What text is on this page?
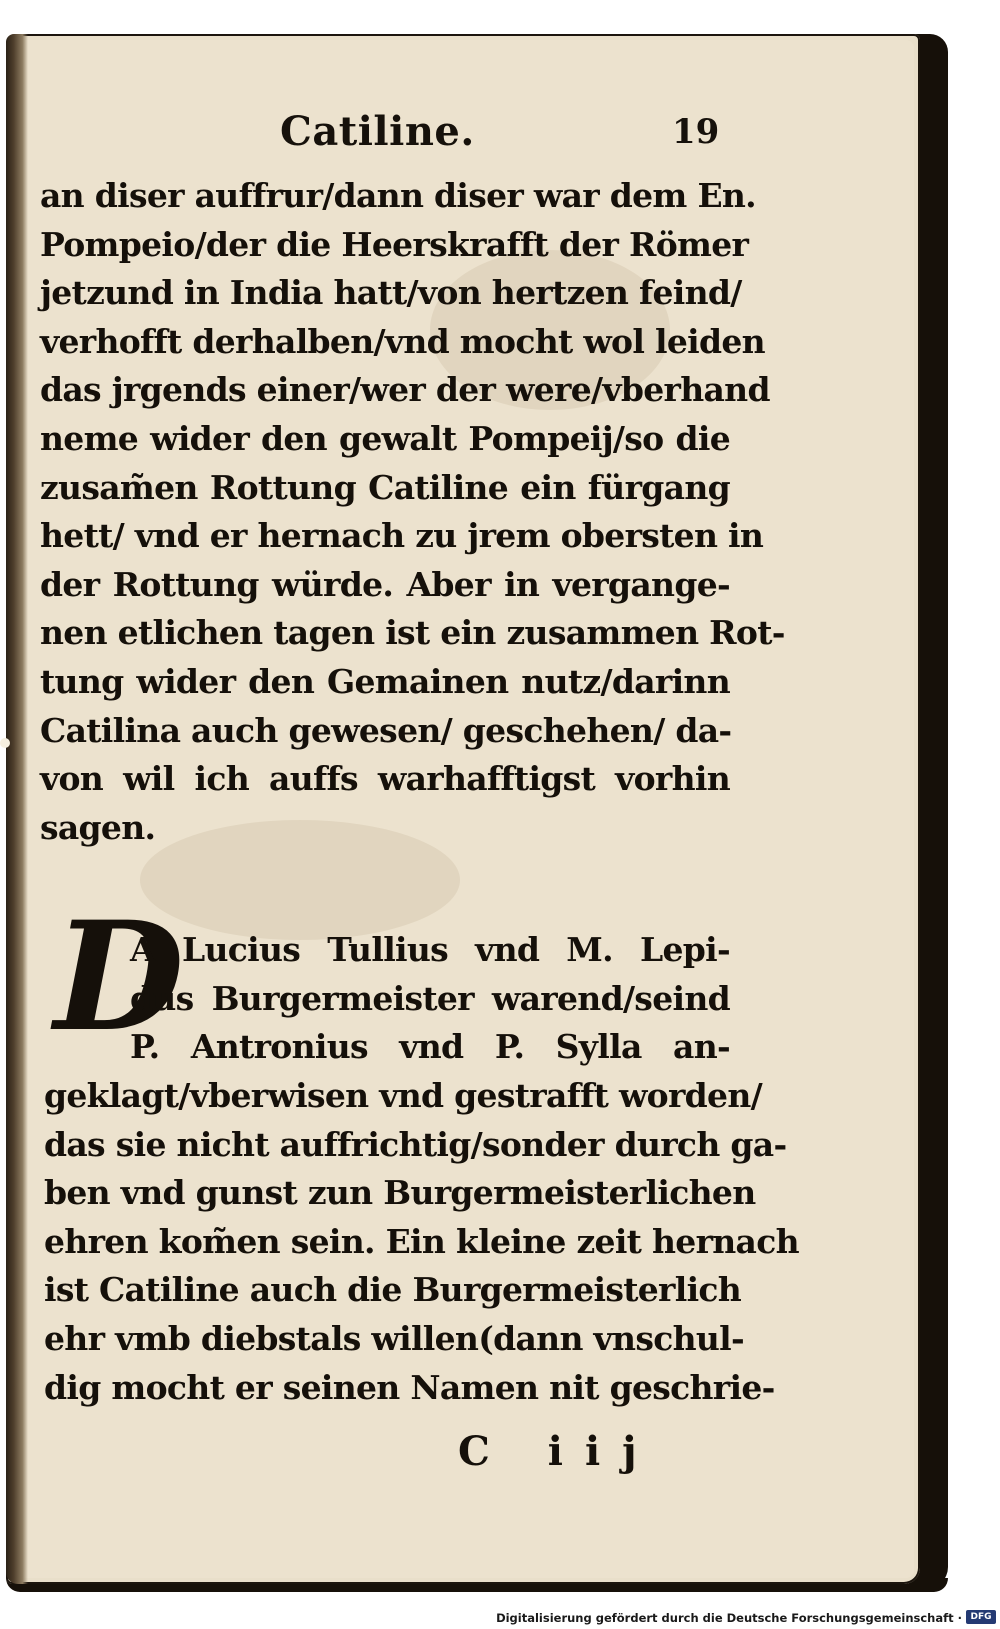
Catiline.	19
an diser auffrur/dann diser war dem En.
Pompeio/der die Heerskrafft der Römer
jetzund in India hatt/von hertzen feind/
verhofft derhalben/vnd mocht wol leiden
das jrgends einer/wer der were/vberhand
neme wider den gewalt Pompeij/so die
zusam̃en Rottung Catiline ein fürgang
hett/ vnd er hernach zu jrem obersten in
der Rottung würde. Aber in vergange-
nen etlichen tagen ist ein zusammen Rot-
tung wider den Gemainen nutz/darinn
Catilina auch gewesen/ geschehen/ da-
von wil ich auffs warhafftigst vorhin
sagen.
D
A Lucius Tullius vnd M. Lepi-
dus Burgermeister warend/seind
P. Antronius vnd P. Sylla an-
geklagt/vberwisen vnd gestrafft worden/
das sie nicht auffrichtig/sonder durch ga-
ben vnd gunst zun Burgermeisterlichen
ehren kom̃en sein. Ein kleine zeit hernach
ist Catiline auch die Burgermeisterlich
ehr vmb diebstals willen(dann vnschul-
dig mocht er seinen Namen nit geschrie-
C iij
Digitalisierung gefördert durch die Deutsche Forschungsgemeinschaft · DFG
